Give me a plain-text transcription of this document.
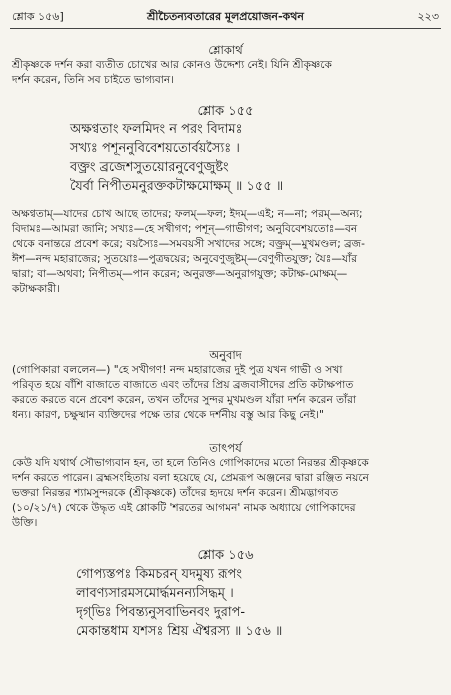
শ্লোক ১৫৬]	শ্রীচৈতন্যবতারের মূলপ্রয়োজন-কথন	২২৩
শ্লোকার্থ
শ্রীকৃষ্ণকে দর্শন করা ব্যতীত চোখের আর কোনও উদ্দেশ্য নেই। যিনি শ্রীকৃষ্ণকে
দর্শন করেন, তিনি সব চাইতে ভাগ্যবান।
শ্লোক ১৫৫
অক্ষণ্বতাং ফলমিদং ন পরং বিদামঃ
সখ্যঃ পশূননুবিবেশয়তোর্বয়স্যৈঃ ।
বক্ত্রং ব্রজেশসুতয়োরনুবেণুজুষ্টং
যৈর্বা নিপীতমনুরক্তকটাক্ষমোক্ষম্‌ ॥ ১৫৫ ॥
অক্ষণ্বতাম্‌—যাদের চোখ আছে তাদের; ফলম্‌—ফল; ইদম্‌—এই; ন—না; পরম্‌—অন্য;
বিদামঃ—আমরা জানি; সখ্যঃ—হে সখীগণ; পশূন্‌—গাভীগণ; অনুবিবেশয়তোঃ—বন
থেকে বনান্তরে প্রবেশ করে; বয়স্যৈঃ—সমবয়সী সখাদের সঙ্গে; বক্ত্রম্‌—মুখমণ্ডল; ব্রজ-
ঈশ—নন্দ মহারাজের; সুতয়োঃ—পুত্রদ্বয়ের; অনুবেণুজুষ্টম্‌—বেণুগীতযুক্ত; যৈঃ—যাঁর
দ্বারা; বা—অথবা; নিপীতম্‌—পান করেন; অনুরক্ত—অনুরাগযুক্ত; কটাক্ষ-মোক্ষম্‌—
কটাক্ষকারী।
অনুবাদ
(গোপিকারা বললেন—) "হে সখীগণ! নন্দ মহারাজের দুই পুত্র যখন গাভী ও সখা
পরিবৃত হয়ে বাঁশি বাজাতে বাজাতে এবং তাঁদের প্রিয় ব্রজবাসীদের প্রতি কটাক্ষপাত
করতে করতে বনে প্রবেশ করেন, তখন তাঁদের সুন্দর মুখমণ্ডল যাঁরা দর্শন করেন তাঁরা
ধন্য। কারণ, চক্ষুষ্মান ব্যক্তিদের পক্ষে তার থেকে দর্শনীয় বস্তু আর কিছু নেই।"
তাৎপর্য
কেউ যদি যথার্থ সৌভাগ্যবান হন, তা হলে তিনিও গোপিকাদের মতো নিরন্তর শ্রীকৃষ্ণকে
দর্শন করতে পারেন। ব্রহ্মসংহিতায় বলা হয়েছে যে, প্রেমরূপ অঞ্জনের দ্বারা রঞ্জিত নয়নে
ভক্তরা নিরন্তর শ্যামসুন্দরকে (শ্রীকৃষ্ণকে) তাঁদের হৃদয়ে দর্শন করেন। শ্রীমদ্ভাগবত
(১০/২১/৭) থেকে উদ্ধৃত এই শ্লোকটি 'শরতের আগমন' নামক অধ্যায়ে গোপিকাদের
উক্তি।
শ্লোক ১৫৬
গোপ্যস্তপঃ কিমচরন্‌ যদমুষ্য রূপং
লাবণ্যসারমসমোর্দ্ধমনন্যসিদ্ধম্‌ ।
দৃগ্‌ভিঃ পিবন্ত্যনুসবাভিনবং দুরাপ-
মেকান্তধাম যশসঃ শ্রিয় ঐশ্বরস্য ॥ ১৫৬ ॥
